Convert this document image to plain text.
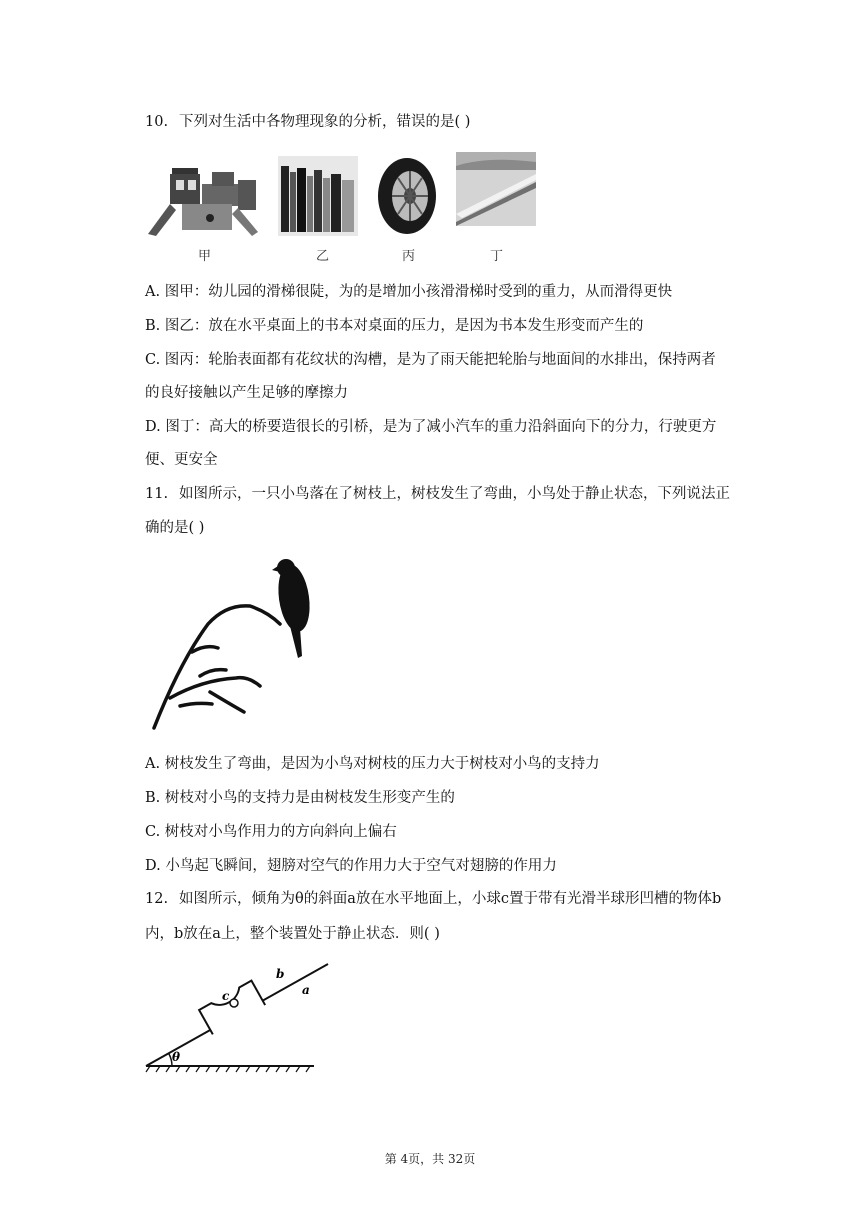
10. 下列对生活中各物理现象的分析，错误的是( )
甲	乙	丙	丁
A. 图甲：幼儿园的滑梯很陡，为的是增加小孩滑滑梯时受到的重力，从而滑得更快
B. 图乙：放在水平桌面上的书本对桌面的压力，是因为书本发生形变而产生的
C. 图丙：轮胎表面都有花纹状的沟槽，是为了雨天能把轮胎与地面间的水排出，保持两者
的良好接触以产生足够的摩擦力
D. 图丁：高大的桥要造很长的引桥，是为了减小汽车的重力沿斜面向下的分力，行驶更方
便、更安全
11. 如图所示，一只小鸟落在了树枝上，树枝发生了弯曲，小鸟处于静止状态，下列说法正
确的是( )
A. 树枝发生了弯曲，是因为小鸟对树枝的压力大于树枝对小鸟的支持力
B. 树枝对小鸟的支持力是由树枝发生形变产生的
C. 树枝对小鸟作用力的方向斜向上偏右
D. 小鸟起飞瞬间，翅膀对空气的作用力大于空气对翅膀的作用力
12. 如图所示，倾角为θ的斜面a放在水平地面上，小球c置于带有光滑半球形凹槽的物体b
内，b放在a上，整个装置处于静止状态．则( )
θ
b
a
c
第 4页，共 32页
